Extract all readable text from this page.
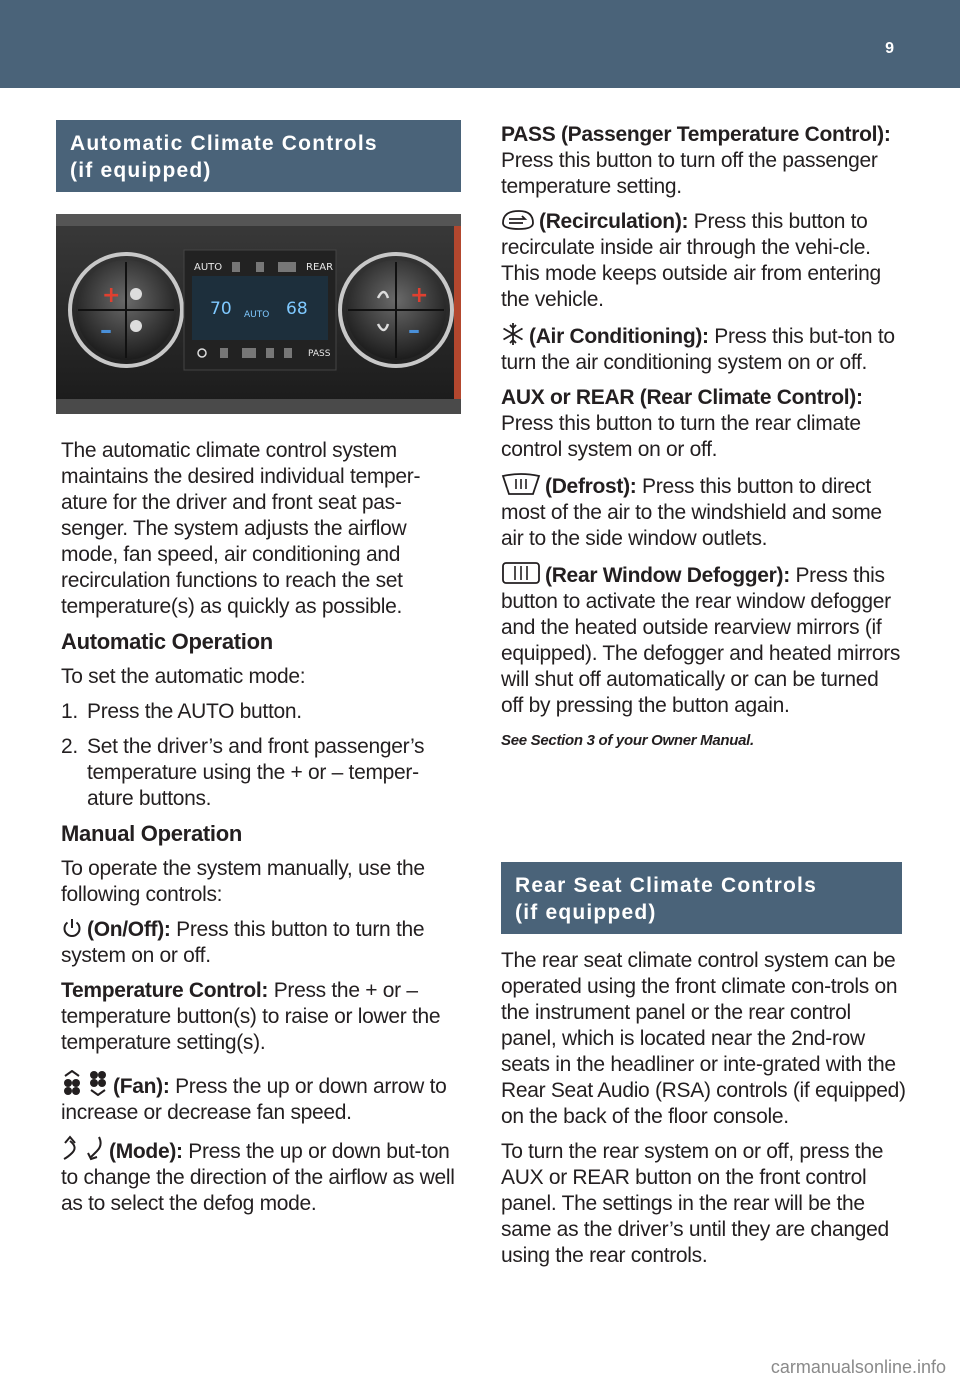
9
Automatic Climate Controls
(if equipped)
+
–
+
–
AUTO	REAR
PASS
70 AUTO 68

The automatic climate control system maintains the desired individual temper-ature for the driver and front seat pas-senger. The system adjusts the airflow mode, fan speed, air conditioning and recirculation functions to reach the set temperature(s) as quickly as possible.

Automatic Operation

To set the automatic mode:

1. Press the AUTO button.
2. Set the driver’s and front passenger’s temperature using the + or – temper-ature buttons.

Manual Operation

To operate the system manually, use the following controls:

(On/Off): Press this button to turn the system on or off.

Temperature Control: Press the + or – temperature button(s) to raise or lower the temperature setting(s).

(Fan): Press the up or down arrow to increase or decrease fan speed.

(Mode): Press the up or down but-ton to change the direction of the airflow as well as to select the defog mode.

PASS (Passenger Temperature Control): Press this button to turn off the passenger temperature setting.

(Recirculation): Press this button to recirculate inside air through the vehi-cle. This mode keeps outside air from entering the vehicle.

(Air Conditioning): Press this but-ton to turn the air conditioning system on or off.

AUX or REAR (Rear Climate Control): Press this button to turn the rear climate control system on or off.

(Defrost): Press this button to direct most of the air to the windshield and some air to the side window outlets.

(Rear Window Defogger): Press this button to activate the rear window defogger and the heated outside rearview mirrors (if equipped). The defogger and heated mirrors will shut off automatically or can be turned off by pressing the button again.

See Section 3 of your Owner Manual.

Rear Seat Climate Controls
(if equipped)

The rear seat climate control system can be operated using the front climate con-trols on the instrument panel or the rear control panel, which is located near the 2nd-row seats in the headliner or inte-grated with the Rear Seat Audio (RSA) controls (if equipped) on the back of the floor console.

To turn the rear system on or off, press the AUX or REAR button on the front control panel. The settings in the rear will be the same as the driver’s until they are changed using the rear controls.

carmanualsonline.info
